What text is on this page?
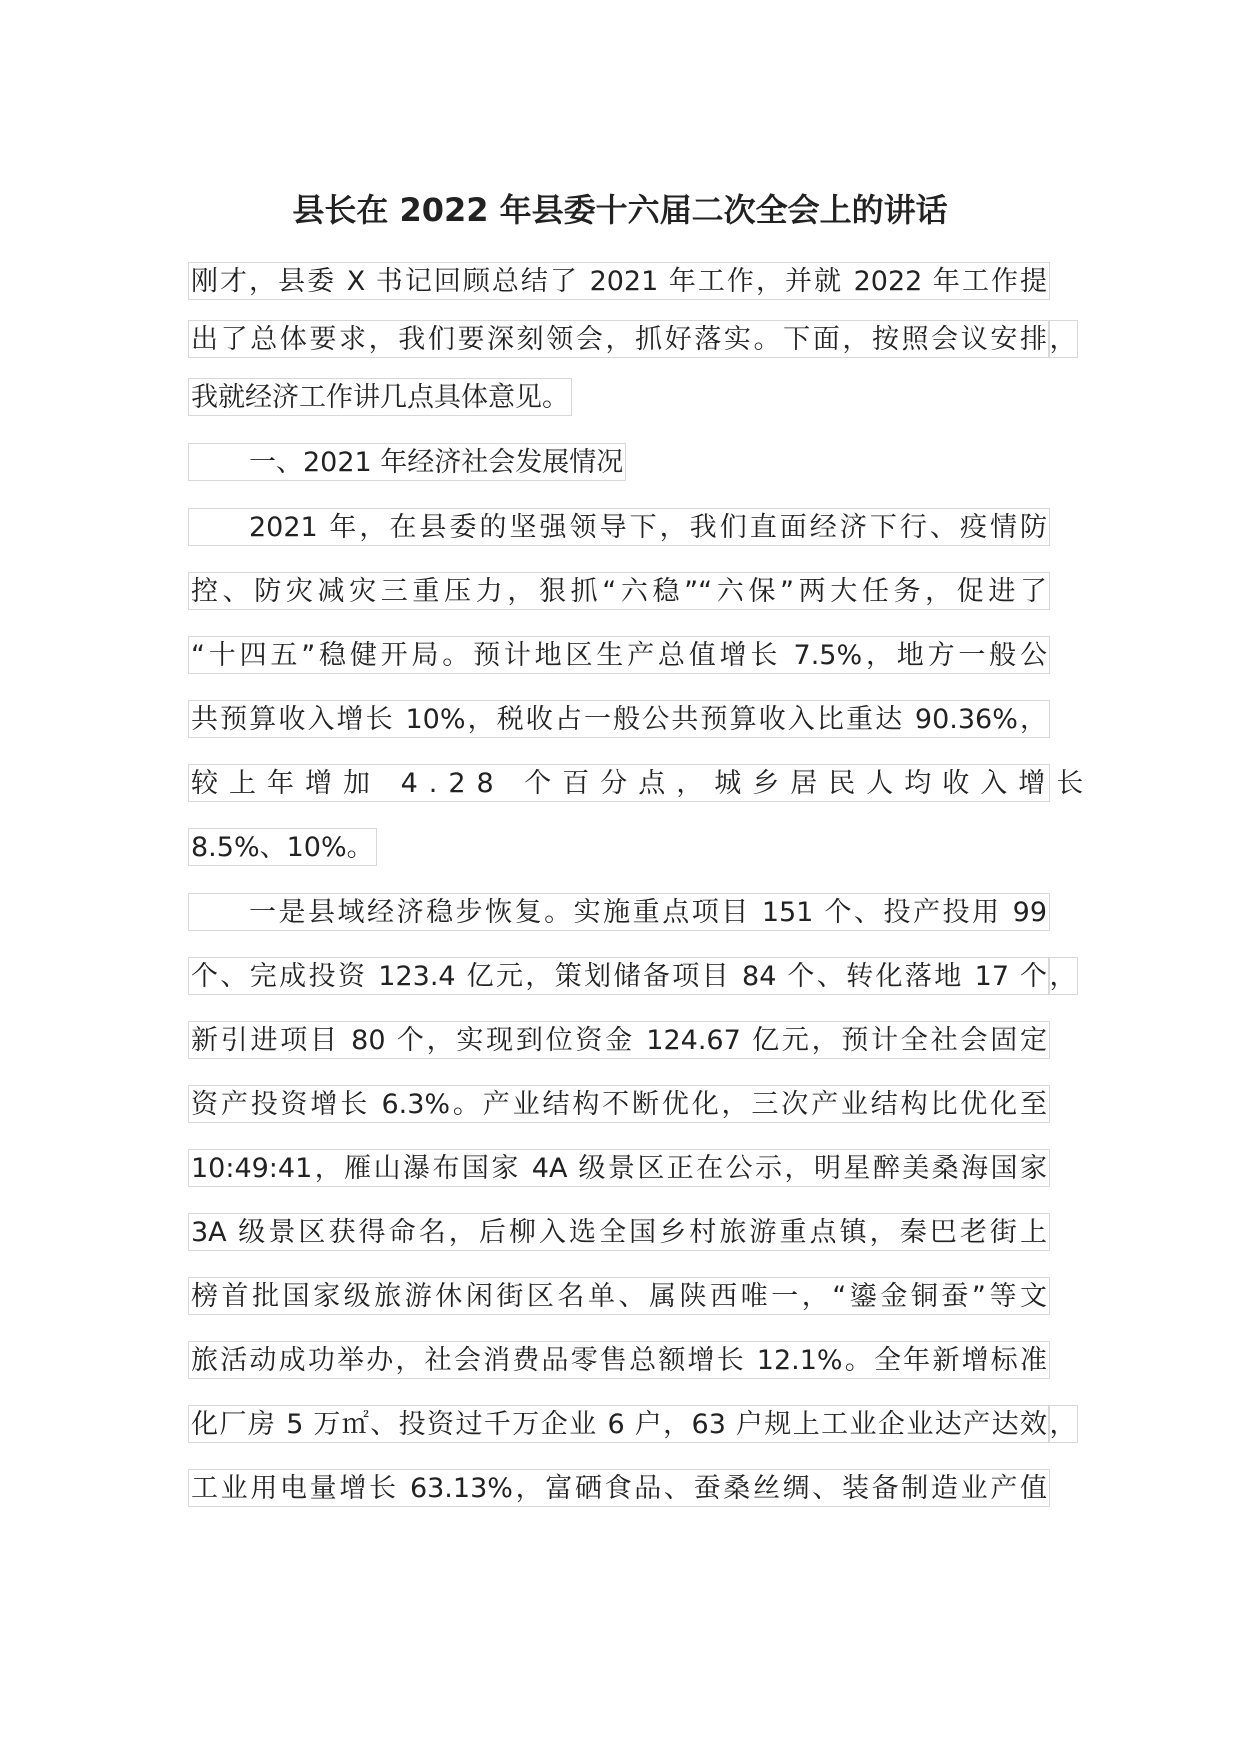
县长在 2022 年县委十六届二次全会上的讲话
刚才，县委 X 书记回顾总结了 2021 年工作，并就 2022 年工作提
出了总体要求，我们要深刻领会，抓好落实。下面，按照会议安排 ，
我就经济工作讲几点具体意见。
一、2021 年经济社会发展情况
2021 年，在县委的坚强领导下，我们直面经济下行、疫情防
控、防灾减灾三重压力，狠抓“六稳”“六保”两大任务，促进了
“十四五”稳健开局。预计地区生产总值增长 7.5%，地方一般公
共预算收入增长 10%，税收占一般公共预算收入比重达 90.36%，
较上年增加 4.28 个百分点，城乡居民人均收入增长
8.5%、10%。
一是县域经济稳步恢复。实施重点项目 151 个、投产投用 99
个、完成投资 123.4 亿元，策划储备项目 84 个、转化落地 17 个 ，
新引进项目 80 个，实现到位资金 124.67 亿元，预计全社会固定
资产投资增长 6.3%。产业结构不断优化，三次产业结构比优化至
10:49:41，雁山瀑布国家 4A 级景区正在公示，明星醉美桑海国家
3A 级景区获得命名，后柳入选全国乡村旅游重点镇，秦巴老街上
榜首批国家级旅游休闲街区名单、属陕西唯一，“鎏金铜蚕”等文
旅活动成功举办，社会消费品零售总额增长 12.1%。全年新增标准
化厂房 5 万㎡、投资过千万企业 6 户，63 户规上工业企业达产达效 ，
工业用电量增长 63.13%，富硒食品、蚕桑丝绸、装备制造业产值
